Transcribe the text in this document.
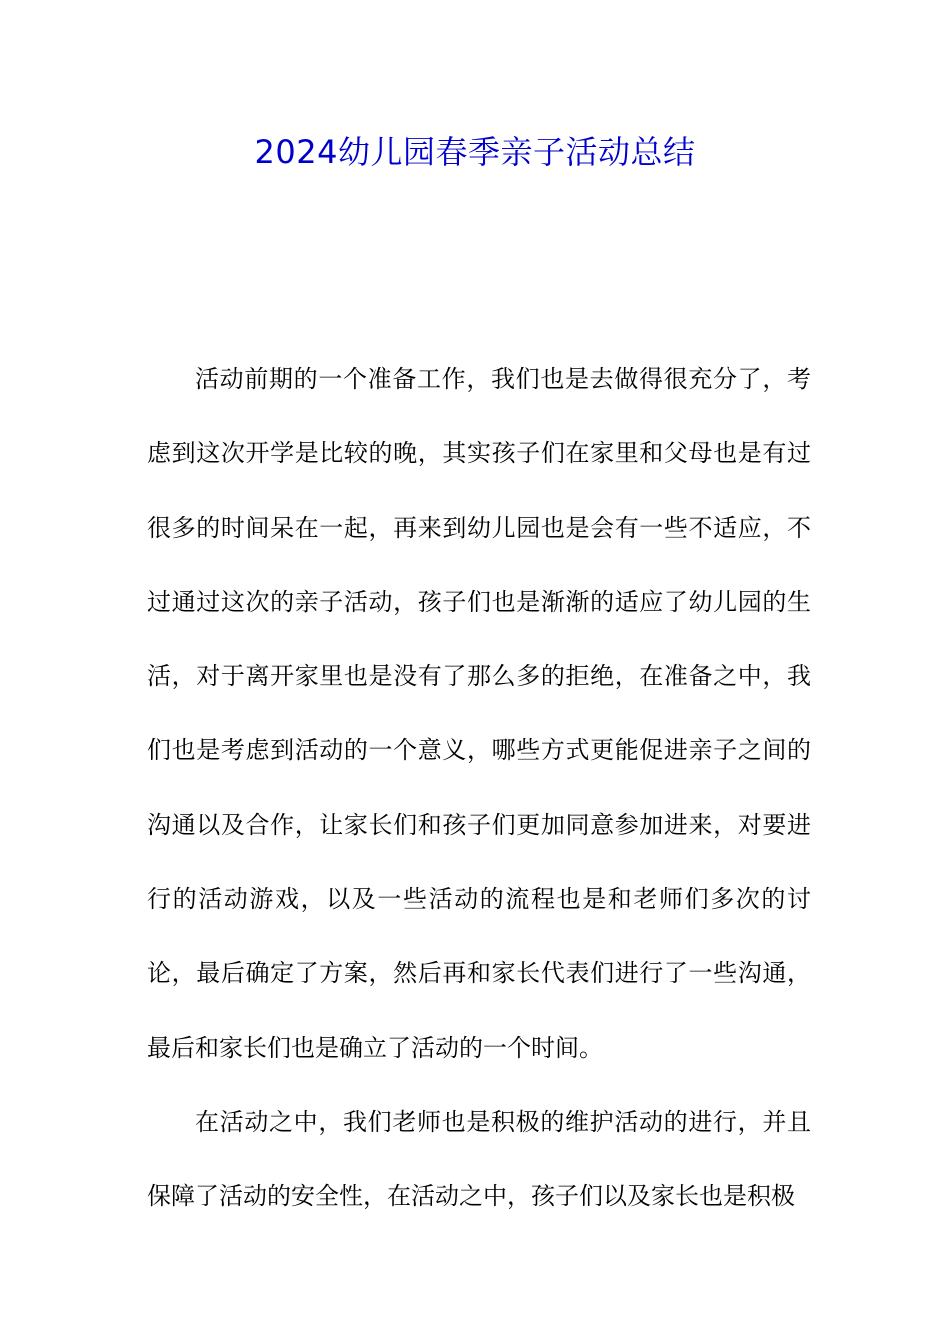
2024幼儿园春季亲子活动总结

活动前期的一个准备工作，我们也是去做得很充分了，考虑到这次开学是比较的晚，其实孩子们在家里和父母也是有过很多的时间呆在一起，再来到幼儿园也是会有一些不适应，不过通过这次的亲子活动，孩子们也是渐渐的适应了幼儿园的生活，对于离开家里也是没有了那么多的拒绝，在准备之中，我们也是考虑到活动的一个意义，哪些方式更能促进亲子之间的沟通以及合作，让家长们和孩子们更加同意参加进来，对要进行的活动游戏，以及一些活动的流程也是和老师们多次的讨论，最后确定了方案，然后再和家长代表们进行了一些沟通，最后和家长们也是确立了活动的一个时间。

在活动之中，我们老师也是积极的维护活动的进行，并且保障了活动的安全性，在活动之中，孩子们以及家长也是积极
